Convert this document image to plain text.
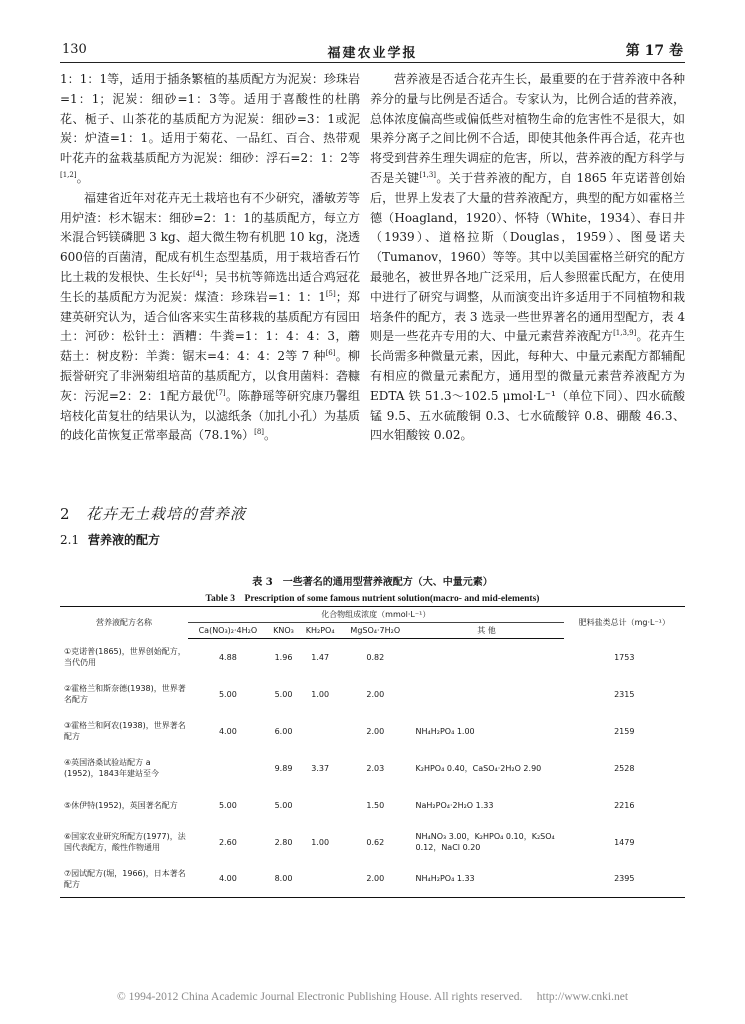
130	福建农业学报	第 17 卷

1：1：1等，适用于插条繁植的基质配方为泥炭：珍珠岩=1：1；泥炭：细砂=1：3等。适用于喜酸性的杜鹃花、栀子、山茶花的基质配方为泥炭：细砂=3：1或泥炭：炉渣=1：1。适用于菊花、一品红、百合、热带观叶花卉的盆栽基质配方为泥炭：细砂：浮石=2：1：2等[1,2]。

福建省近年对花卉无土栽培也有不少研究，潘敏芳等用炉渣：杉木锯末：细砂=2：1：1的基质配方，每立方米混合钙镁磷肥 3 kg、超大微生物有机肥 10 kg，浇透 600倍的百菌清，配成有机生态型基质，用于栽培香石竹比土栽的发根快、生长好[4]；吴书杭等筛选出适合鸡冠花生长的基质配方为泥炭：煤渣：珍珠岩=1：1：1[5]；郑建英研究认为，适合仙客来实生苗移栽的基质配方有园田土：河砂：松针土：酒糟：牛粪=1：1：4：4：3，蘑菇土：树皮粉：羊粪：锯末=4：4：4：2等 7 种[6]。柳振誉研究了非洲菊组培苗的基质配方，以食用菌料：砻糠灰：污泥=2：2：1配方最优[7]。陈静瑶等研究康乃馨组培枝化苗复壮的结果认为，以滤纸条（加扎小孔）为基质的歧化苗恢复正常率最高（78.1%）[8]。

营养液是否适合花卉生长，最重要的在于营养液中各种养分的量与比例是否适合。专家认为，比例合适的营养液，总体浓度偏高些或偏低些对植物生命的危害性不是很大，如果养分离子之间比例不合适，即使其他条件再合适，花卉也将受到营养生理失调症的危害，所以，营养液的配方科学与否是关键[1,3]。关于营养液的配方，自 1865 年克诺普创始后，世界上发表了大量的营养液配方，典型的配方如霍格兰德（Hoagland，1920）、怀特（White，1934）、春日井（1939）、道格拉斯（Douglas，1959）、图曼诺夫（Tumanov，1960）等等。其中以美国霍格兰研究的配方最驰名，被世界各地广泛采用，后人参照霍氏配方，在使用中进行了研究与调整，从而演变出许多适用于不同植物和栽培条件的配方，表 3 选录一些世界著名的通用型配方，表 4 则是一些花卉专用的大、中量元素营养液配方[1,3,9]。花卉生长尚需多种微量元素，因此，每种大、中量元素配方都辅配有相应的微量元素配方，通用型的微量元素营养液配方为 EDTA 铁 51.3～102.5 μmol·L⁻¹（单位下同）、四水硫酸锰 9.5、五水硫酸铜 0.3、七水硫酸锌 0.8、硼酸 46.3、四水钼酸铵 0.02。

2 花卉无土栽培的营养液
2.1 营养液的配方
表 3　一些著名的通用型营养液配方（大、中量元素）
Table 3　Prescription of some famous nutrient solution(macro- and mid-elements)
营养液配方名称	化合物组成浓度（mmol·L⁻¹）					肥料盐类总计（mg·L⁻¹）
	Ca(NO₃)₂·4H₂O	KNO₃	KH₂PO₄	MgSO₄·7H₂O	其 他	
①克诺普(1865)，世界创始配方，当代仍用	4.88	1.96	1.47	0.82		1753
②霍格兰和斯奈德(1938)，世界著名配方	5.00	5.00	1.00	2.00		2315
③霍格兰和阿农(1938)，世界著名配方	4.00	6.00		2.00	NH₄H₂PO₄ 1.00	2159
④英国洛桑试验站配方 a (1952)，1843年建站至今		9.89	3.37	2.03	K₂HPO₄ 0.40，CaSO₄·2H₂O 2.90	2528
⑤休伊特(1952)，英国著名配方	5.00	5.00		1.50	NaH₂PO₄·2H₂O 1.33	2216
⑥国家农业研究所配方(1977)，法国代表配方，酸性作物通用	2.60	2.80	1.00	0.62	NH₄NO₃ 3.00，K₂HPO₄ 0.10，K₂SO₄ 0.12，NaCl 0.20	1479
⑦园试配方(堀，1966)，日本著名配方	4.00	8.00		2.00	NH₄H₂PO₄ 1.33	2395
© 1994-2012 China Academic Journal Electronic Publishing House. All rights reserved.　 http://www.cnki.net
